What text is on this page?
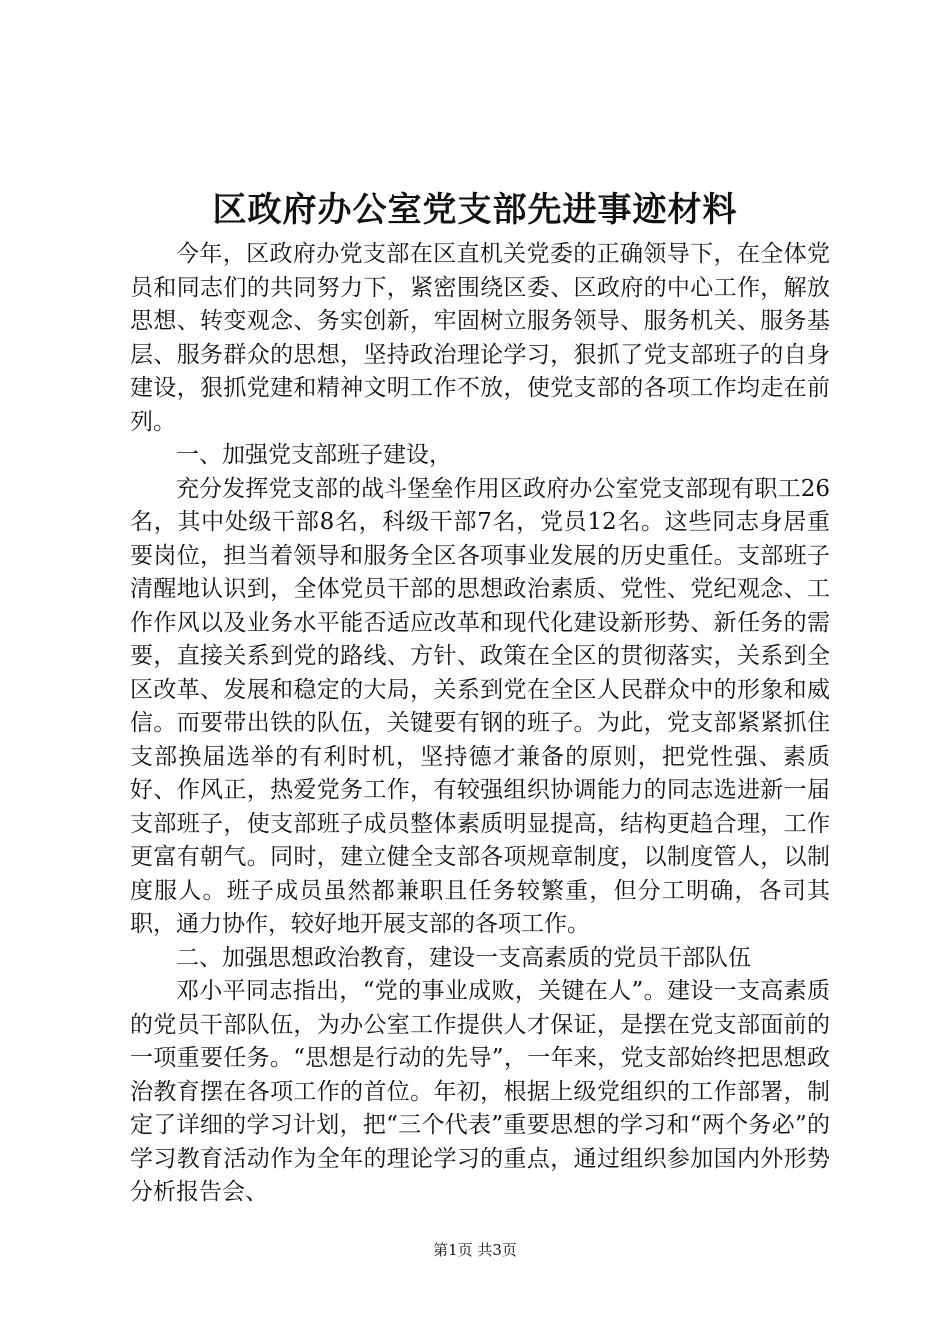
区政府办公室党支部先进事迹材料

今年，区政府办党支部在区直机关党委的正确领导下，在全体党员和同志们的共同努力下，紧密围绕区委、区政府的中心工作，解放思想、转变观念、务实创新，牢固树立服务领导、服务机关、服务基层、服务群众的思想，坚持政治理论学习，狠抓了党支部班子的自身建设，狠抓党建和精神文明工作不放，使党支部的各项工作均走在前列。

一、加强党支部班子建设，

充分发挥党支部的战斗堡垒作用区政府办公室党支部现有职工26名，其中处级干部8名，科级干部7名，党员12名。这些同志身居重要岗位，担当着领导和服务全区各项事业发展的历史重任。支部班子清醒地认识到，全体党员干部的思想政治素质、党性、党纪观念、工作作风以及业务水平能否适应改革和现代化建设新形势、新任务的需要，直接关系到党的路线、方针、政策在全区的贯彻落实，关系到全区改革、发展和稳定的大局，关系到党在全区人民群众中的形象和威信。而要带出铁的队伍，关键要有钢的班子。为此，党支部紧紧抓住支部换届选举的有利时机，坚持德才兼备的原则，把党性强、素质好、作风正，热爱党务工作，有较强组织协调能力的同志选进新一届支部班子，使支部班子成员整体素质明显提高，结构更趋合理，工作更富有朝气。同时，建立健全支部各项规章制度，以制度管人，以制度服人。班子成员虽然都兼职且任务较繁重，但分工明确，各司其职，通力协作，较好地开展支部的各项工作。

二、加强思想政治教育，建设一支高素质的党员干部队伍

邓小平同志指出，“党的事业成败，关键在人”。建设一支高素质的党员干部队伍，为办公室工作提供人才保证，是摆在党支部面前的一项重要任务。“思想是行动的先导”，一年来，党支部始终把思想政治教育摆在各项工作的首位。年初，根据上级党组织的工作部署，制定了详细的学习计划，把“三个代表”重要思想的学习和“两个务必”的学习教育活动作为全年的理论学习的重点，通过组织参加国内外形势分析报告会、

第1页 共3页
